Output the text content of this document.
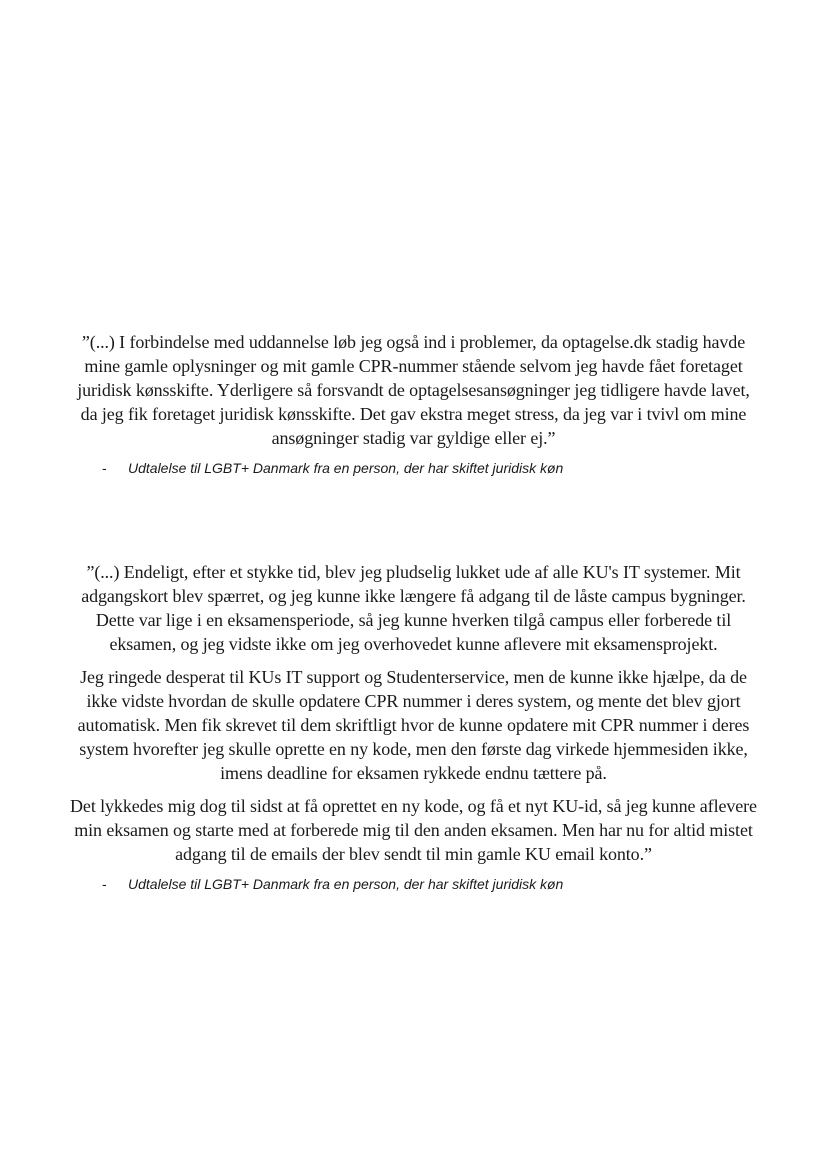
”(...) I forbindelse med uddannelse løb jeg også ind i problemer, da optagelse.dk stadig havde mine gamle oplysninger og mit gamle CPR-nummer stående selvom jeg havde fået foretaget juridisk kønsskifte. Yderligere så forsvandt de optagelsesansøgninger jeg tidligere havde lavet, da jeg fik foretaget juridisk kønsskifte. Det gav ekstra meget stress, da jeg var i tvivl om mine ansøgninger stadig var gyldige eller ej.”

-	Udtalelse til LGBT+ Danmark fra en person, der har skiftet juridisk køn

”(...) Endeligt, efter et stykke tid, blev jeg pludselig lukket ude af alle KU's IT systemer. Mit adgangskort blev spærret, og jeg kunne ikke længere få adgang til de låste campus bygninger. Dette var lige i en eksamensperiode, så jeg kunne hverken tilgå campus eller forberede til eksamen, og jeg vidste ikke om jeg overhovedet kunne aflevere mit eksamensprojekt.

Jeg ringede desperat til KUs IT support og Studenterservice, men de kunne ikke hjælpe, da de ikke vidste hvordan de skulle opdatere CPR nummer i deres system, og mente det blev gjort automatisk. Men fik skrevet til dem skriftligt hvor de kunne opdatere mit CPR nummer i deres system hvorefter jeg skulle oprette en ny kode, men den første dag virkede hjemmesiden ikke, imens deadline for eksamen rykkede endnu tættere på.

Det lykkedes mig dog til sidst at få oprettet en ny kode, og få et nyt KU-id, så jeg kunne aflevere min eksamen og starte med at forberede mig til den anden eksamen. Men har nu for altid mistet adgang til de emails der blev sendt til min gamle KU email konto.”

-	Udtalelse til LGBT+ Danmark fra en person, der har skiftet juridisk køn
